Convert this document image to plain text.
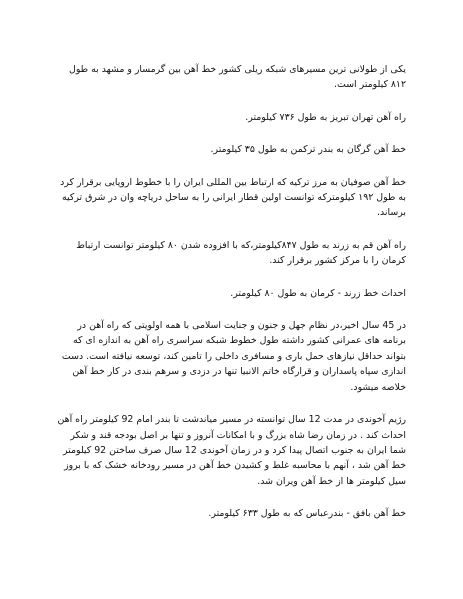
یکی از طولانی ترین مسیرهای شبکه ریلی کشور خط آهن بین گرمسار و مشهد به طول ۸۱۲ کیلومتر است.

راه آهن تهران تبریز به طول ۷۳۶ کیلومتر.

خط آهن گرگان به بندر ترکمن به طول ۳۵ کیلومتر.

خط آهن صوفیان به مرز ترکیه که ارتباط بین المللی ایران را با خطوط اروپایی برقرار کرد به طول ۱۹۲ کیلومترکه توانست اولین قطار ایرانی را به ساحل دریاچه وان در شرق ترکیه برساند.

راه آهن قم به زرند به طول ۸۴۷کیلومتر،که با افزوده شدن ۸۰ کیلومتر توانست ارتباط کرمان را با مرکز کشور برقرار کند.

احداث خط زرند - کرمان به طول ۸۰ کیلومتر.

در 45 سال اخیر،در نظام جهل و جنون و جنایت اسلامی با همه اولویتی که راه آهن در برنامه های عمرانی کشور داشته طول خطوط شبکه سراسری راه آهن به اندازه ای که بتواند حداقل نیازهای حمل باری و مسافری داخلی را تامین کند، توسعه نیافته است. دست اندازی سپاه پاسداران و قرارگاه خاتم الانبیا تنها در دزدی و سرهم بندی در کار خط آهن خلاصه میشود.

رژیم آخوندی در مدت 12 سال توانسته در مسیر میاندشت تا بندر امام 92 کیلومتر راه آهن احداث کند . در زمان رضا شاه بزرگ و با امکانات آنروز و تنها بر اصل بودجه قند و شکر شما ایران به جنوب اتصال پیدا کرد و در زمان آخوندی 12 سال صرف ساختن 92 کیلومتر خط آهن شد ، آنهم با محاسبه غلط و کشیدن خط آهن در مسیر رودخانه خشک که با بروز سیل کیلومتر ها از خط آهن ویران شد.

خط آهن بافق - بندرعباس که به طول ۶۳۳ کیلومتر.
